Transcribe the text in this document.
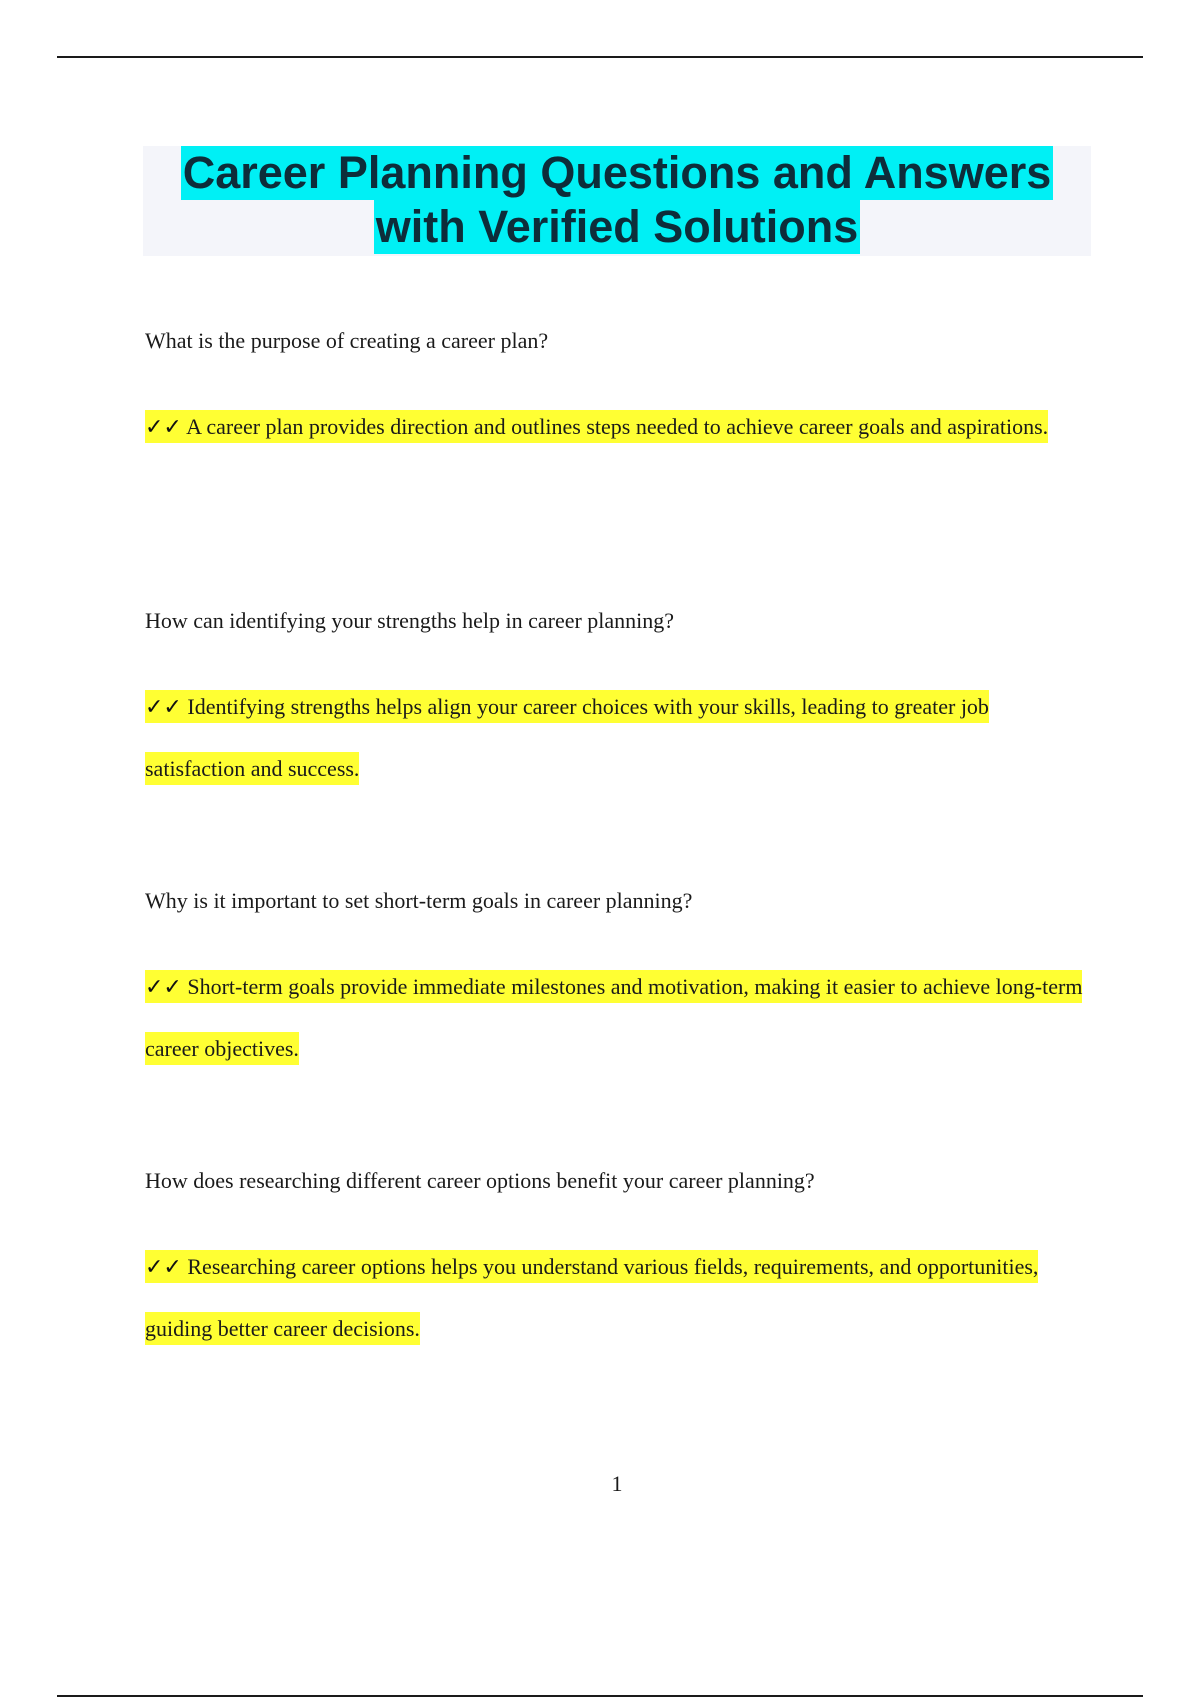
Career Planning Questions and Answers
with Verified Solutions

What is the purpose of creating a career plan?

✓✓ A career plan provides direction and outlines steps needed to achieve career goals and aspirations.

How can identifying your strengths help in career planning?

✓✓ Identifying strengths helps align your career choices with your skills, leading to greater job satisfaction and success.

Why is it important to set short-term goals in career planning?

✓✓ Short-term goals provide immediate milestones and motivation, making it easier to achieve long-term career objectives.

How does researching different career options benefit your career planning?

✓✓ Researching career options helps you understand various fields, requirements, and opportunities, guiding better career decisions.
1
